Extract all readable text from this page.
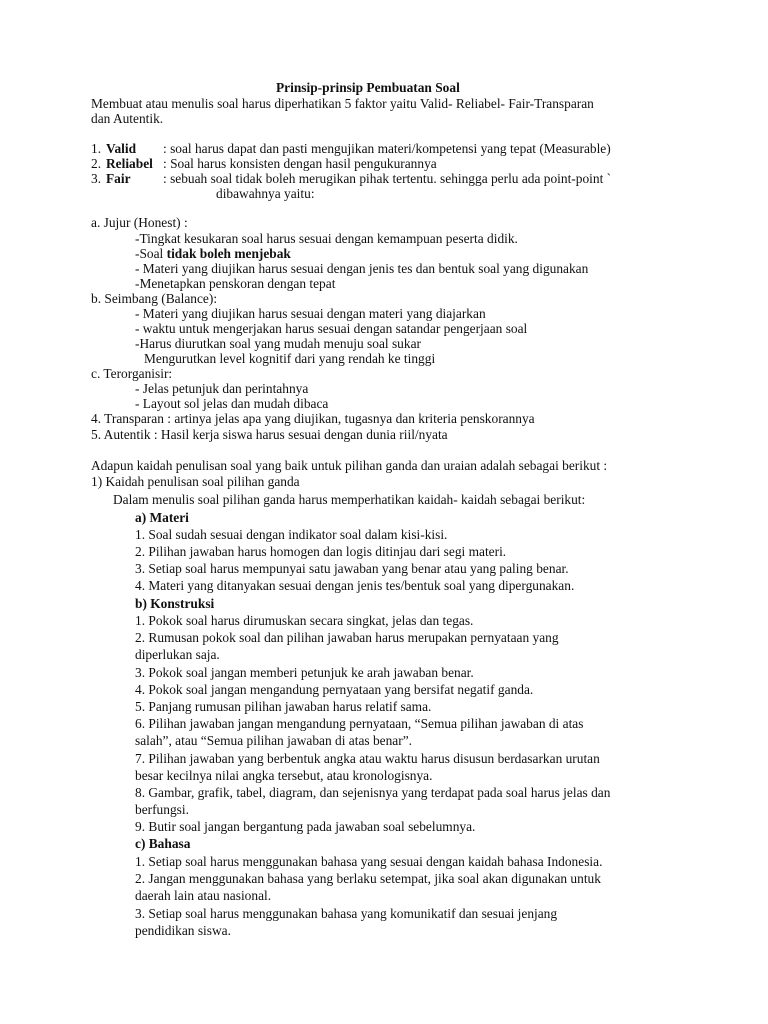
Prinsip-prinsip Pembuatan Soal
Membuat atau menulis soal harus diperhatikan 5 faktor yaitu Valid- Reliabel- Fair-Transparan
dan Autentik.
1. Valid : soal harus dapat dan pasti mengujikan materi/kompetensi yang tepat (Measurable)
2. Reliabel : Soal harus konsisten dengan hasil pengukurannya
3. Fair : sebuah soal tidak boleh merugikan pihak tertentu. sehingga perlu ada point-point `
dibawahnya yaitu:
a. Jujur (Honest) :
-Tingkat kesukaran soal harus sesuai dengan kemampuan peserta didik.
-Soal tidak boleh menjebak
- Materi yang diujikan harus sesuai dengan jenis tes dan bentuk soal yang digunakan
-Menetapkan penskoran dengan tepat
b. Seimbang (Balance):
- Materi yang diujikan harus sesuai dengan materi yang diajarkan
- waktu untuk mengerjakan harus sesuai dengan satandar pengerjaan soal
-Harus diurutkan soal yang mudah menuju soal sukar
Mengurutkan level kognitif dari yang rendah ke tinggi
c. Terorganisir:
- Jelas petunjuk dan perintahnya
- Layout sol jelas dan mudah dibaca
4. Transparan : artinya jelas apa yang diujikan, tugasnya dan kriteria penskorannya
5. Autentik : Hasil kerja siswa harus sesuai dengan dunia riil/nyata
Adapun kaidah penulisan soal yang baik untuk pilihan ganda dan uraian adalah sebagai berikut :
1) Kaidah penulisan soal pilihan ganda
Dalam menulis soal pilihan ganda harus memperhatikan kaidah- kaidah sebagai berikut:
a) Materi
1. Soal sudah sesuai dengan indikator soal dalam kisi-kisi.
2. Pilihan jawaban harus homogen dan logis ditinjau dari segi materi.
3. Setiap soal harus mempunyai satu jawaban yang benar atau yang paling benar.
4. Materi yang ditanyakan sesuai dengan jenis tes/bentuk soal yang dipergunakan.
b) Konstruksi
1. Pokok soal harus dirumuskan secara singkat, jelas dan tegas.
2. Rumusan pokok soal dan pilihan jawaban harus merupakan pernyataan yang
diperlukan saja.
3. Pokok soal jangan memberi petunjuk ke arah jawaban benar.
4. Pokok soal jangan mengandung pernyataan yang bersifat negatif ganda.
5. Panjang rumusan pilihan jawaban harus relatif sama.
6. Pilihan jawaban jangan mengandung pernyataan, “Semua pilihan jawaban di atas
salah”, atau “Semua pilihan jawaban di atas benar”.
7. Pilihan jawaban yang berbentuk angka atau waktu harus disusun berdasarkan urutan
besar kecilnya nilai angka tersebut, atau kronologisnya.
8. Gambar, grafik, tabel, diagram, dan sejenisnya yang terdapat pada soal harus jelas dan
berfungsi.
9. Butir soal jangan bergantung pada jawaban soal sebelumnya.
c) Bahasa
1. Setiap soal harus menggunakan bahasa yang sesuai dengan kaidah bahasa Indonesia.
2. Jangan menggunakan bahasa yang berlaku setempat, jika soal akan digunakan untuk
daerah lain atau nasional.
3. Setiap soal harus menggunakan bahasa yang komunikatif dan sesuai jenjang
pendidikan siswa.
